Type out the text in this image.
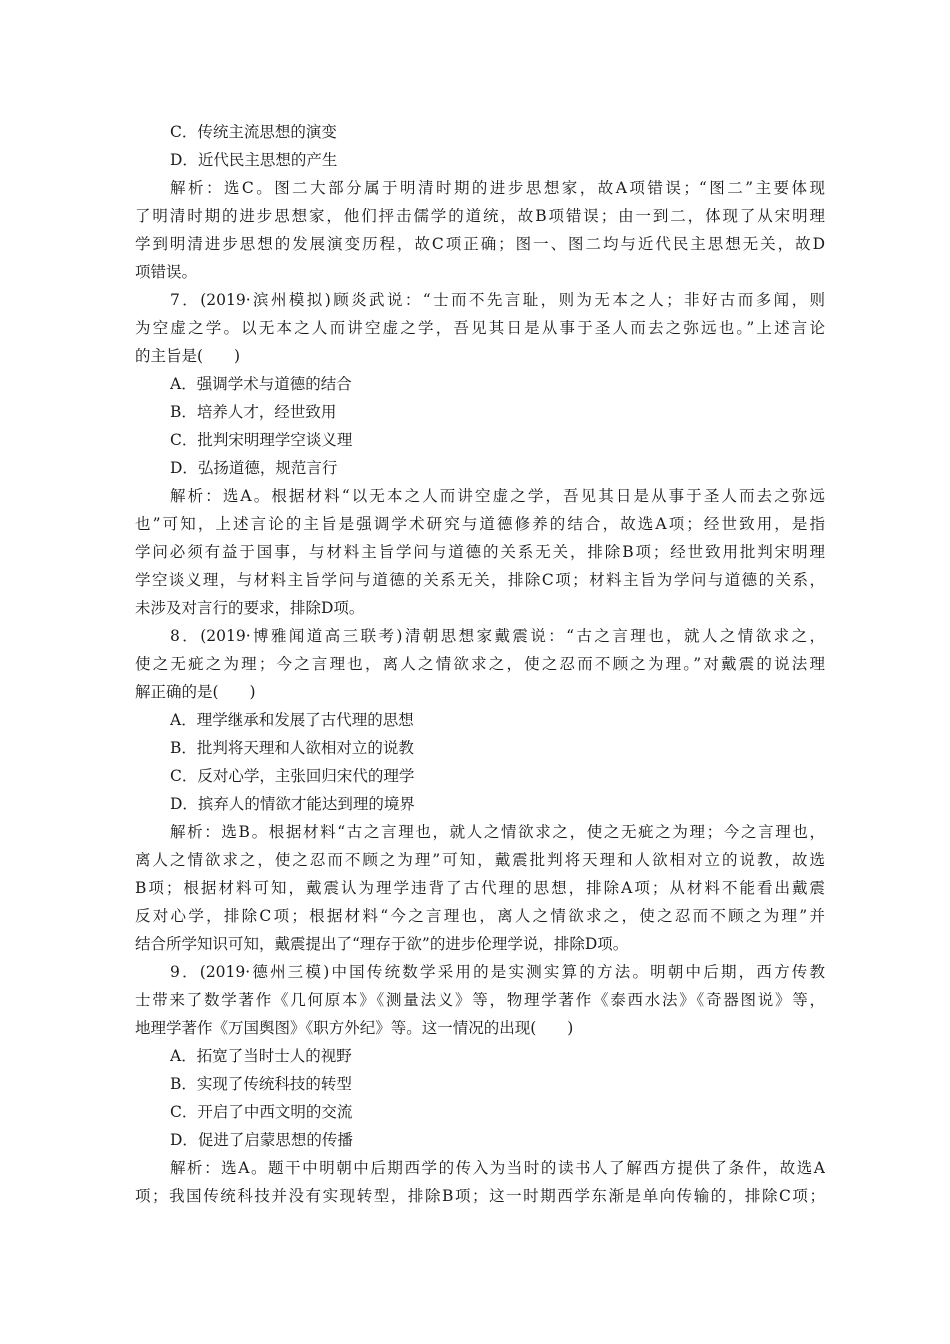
C．传统主流思想的演变
D．近代民主思想的产生
解析：选C。图二大部分属于明清时期的进步思想家，故A项错误；“图二”主要体现
了明清时期的进步思想家，他们抨击儒学的道统，故B项错误；由一到二，体现了从宋明理
学到明清进步思想的发展演变历程，故C项正确；图一、图二均与近代民主思想无关，故D
项错误。
7．(2019·滨州模拟)顾炎武说：“士而不先言耻，则为无本之人；非好古而多闻，则
为空虚之学。以无本之人而讲空虚之学，吾见其日是从事于圣人而去之弥远也。”上述言论
的主旨是(　　)
A．强调学术与道德的结合
B．培养人才，经世致用
C．批判宋明理学空谈义理
D．弘扬道德，规范言行
解析：选A。根据材料“以无本之人而讲空虚之学，吾见其日是从事于圣人而去之弥远
也”可知，上述言论的主旨是强调学术研究与道德修养的结合，故选A项；经世致用，是指
学问必须有益于国事，与材料主旨学问与道德的关系无关，排除B项；经世致用批判宋明理
学空谈义理，与材料主旨学问与道德的关系无关，排除C项；材料主旨为学问与道德的关系，
未涉及对言行的要求，排除D项。
8．(2019·博雅闻道高三联考)清朝思想家戴震说：“古之言理也，就人之情欲求之，
使之无疵之为理；今之言理也，离人之情欲求之，使之忍而不顾之为理。”对戴震的说法理
解正确的是(　　)
A．理学继承和发展了古代理的思想
B．批判将天理和人欲相对立的说教
C．反对心学，主张回归宋代的理学
D．摈弃人的情欲才能达到理的境界
解析：选B。根据材料“古之言理也，就人之情欲求之，使之无疵之为理；今之言理也，
离人之情欲求之，使之忍而不顾之为理”可知，戴震批判将天理和人欲相对立的说教，故选
B项；根据材料可知，戴震认为理学违背了古代理的思想，排除A项；从材料不能看出戴震
反对心学，排除C项；根据材料“今之言理也，离人之情欲求之，使之忍而不顾之为理”并
结合所学知识可知，戴震提出了“理存于欲”的进步伦理学说，排除D项。
9．(2019·德州三模)中国传统数学采用的是实测实算的方法。明朝中后期，西方传教
士带来了数学著作《几何原本》《测量法义》等，物理学著作《泰西水法》《奇器图说》等，
地理学著作《万国舆图》《职方外纪》等。这一情况的出现(　　)
A．拓宽了当时士人的视野
B．实现了传统科技的转型
C．开启了中西文明的交流
D．促进了启蒙思想的传播
解析：选A。题干中明朝中后期西学的传入为当时的读书人了解西方提供了条件，故选A
项；我国传统科技并没有实现转型，排除B项；这一时期西学东渐是单向传输的，排除C项；
